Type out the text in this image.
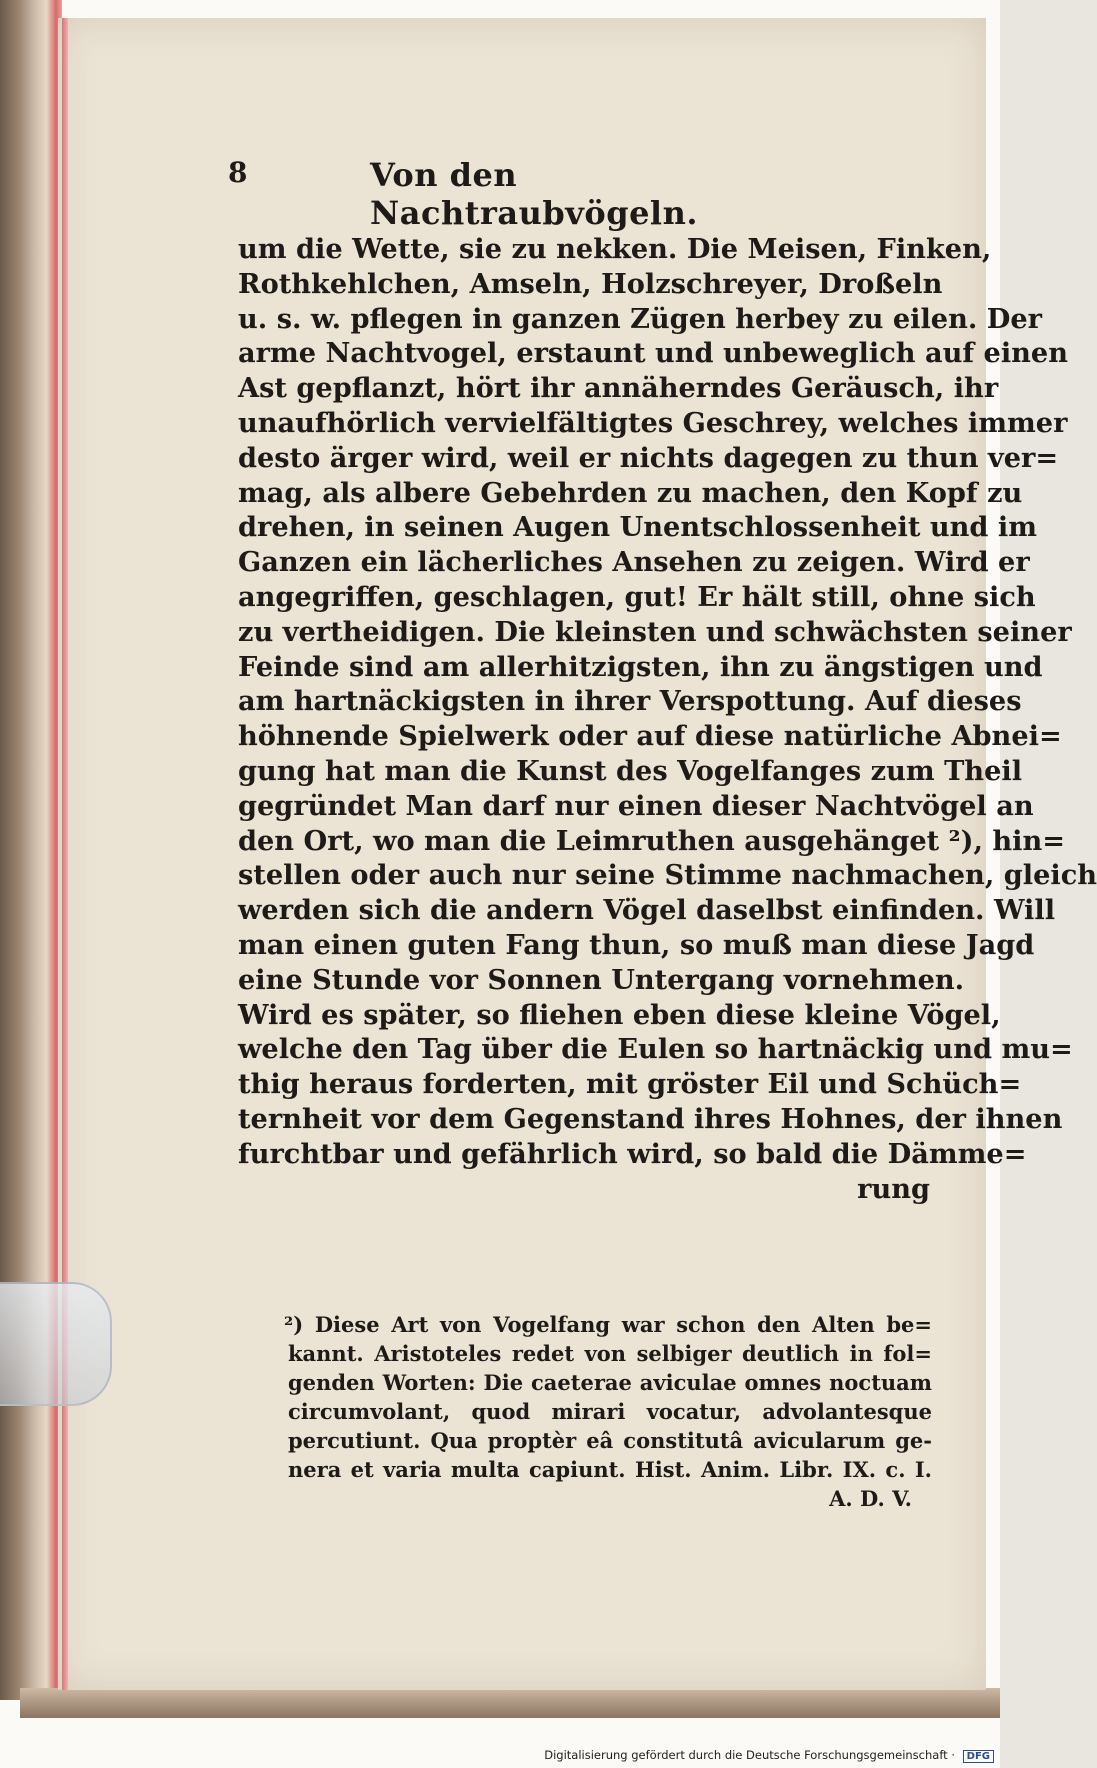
8	Von den Nachtraubvögeln.
um die Wette, sie zu nekken. Die Meisen, Finken,
Rothkehlchen, Amseln, Holzschreyer, Droßeln
u. s. w. pflegen in ganzen Zügen herbey zu eilen. Der
arme Nachtvogel, erstaunt und unbeweglich auf einen
Ast gepflanzt, hört ihr annäherndes Geräusch, ihr
unaufhörlich vervielfältigtes Geschrey, welches immer
desto ärger wird, weil er nichts dagegen zu thun ver=
mag, als albere Gebehrden zu machen, den Kopf zu
drehen, in seinen Augen Unentschlossenheit und im
Ganzen ein lächerliches Ansehen zu zeigen. Wird er
angegriffen, geschlagen, gut! Er hält still, ohne sich
zu vertheidigen. Die kleinsten und schwächsten seiner
Feinde sind am allerhitzigsten, ihn zu ängstigen und
am hartnäckigsten in ihrer Verspottung. Auf dieses
höhnende Spielwerk oder auf diese natürliche Abnei=
gung hat man die Kunst des Vogelfanges zum Theil
gegründet Man darf nur einen dieser Nachtvögel an
den Ort, wo man die Leimruthen ausgehänget ²), hin=
stellen oder auch nur seine Stimme nachmachen, gleich
werden sich die andern Vögel daselbst einfinden. Will
man einen guten Fang thun, so muß man diese Jagd
eine Stunde vor Sonnen Untergang vornehmen.
Wird es später, so fliehen eben diese kleine Vögel,
welche den Tag über die Eulen so hartnäckig und mu=
thig heraus forderten, mit gröster Eil und Schüch=
ternheit vor dem Gegenstand ihres Hohnes, der ihnen
furchtbar und gefährlich wird, so bald die Dämme=
rung
²) Diese Art von Vogelfang war schon den Alten be=
kannt. Aristoteles redet von selbiger deutlich in fol=
genden Worten: Die caeterae aviculae omnes noctuam
circumvolant, quod mirari vocatur, advolantesque
percutiunt. Qua proptèr eâ constitutâ avicularum ge-
nera et varia multa capiunt. Hist. Anim. Libr. IX. c. I.
A. D. V.
Digitalisierung gefördert durch die Deutsche Forschungsgemeinschaft · DFG
